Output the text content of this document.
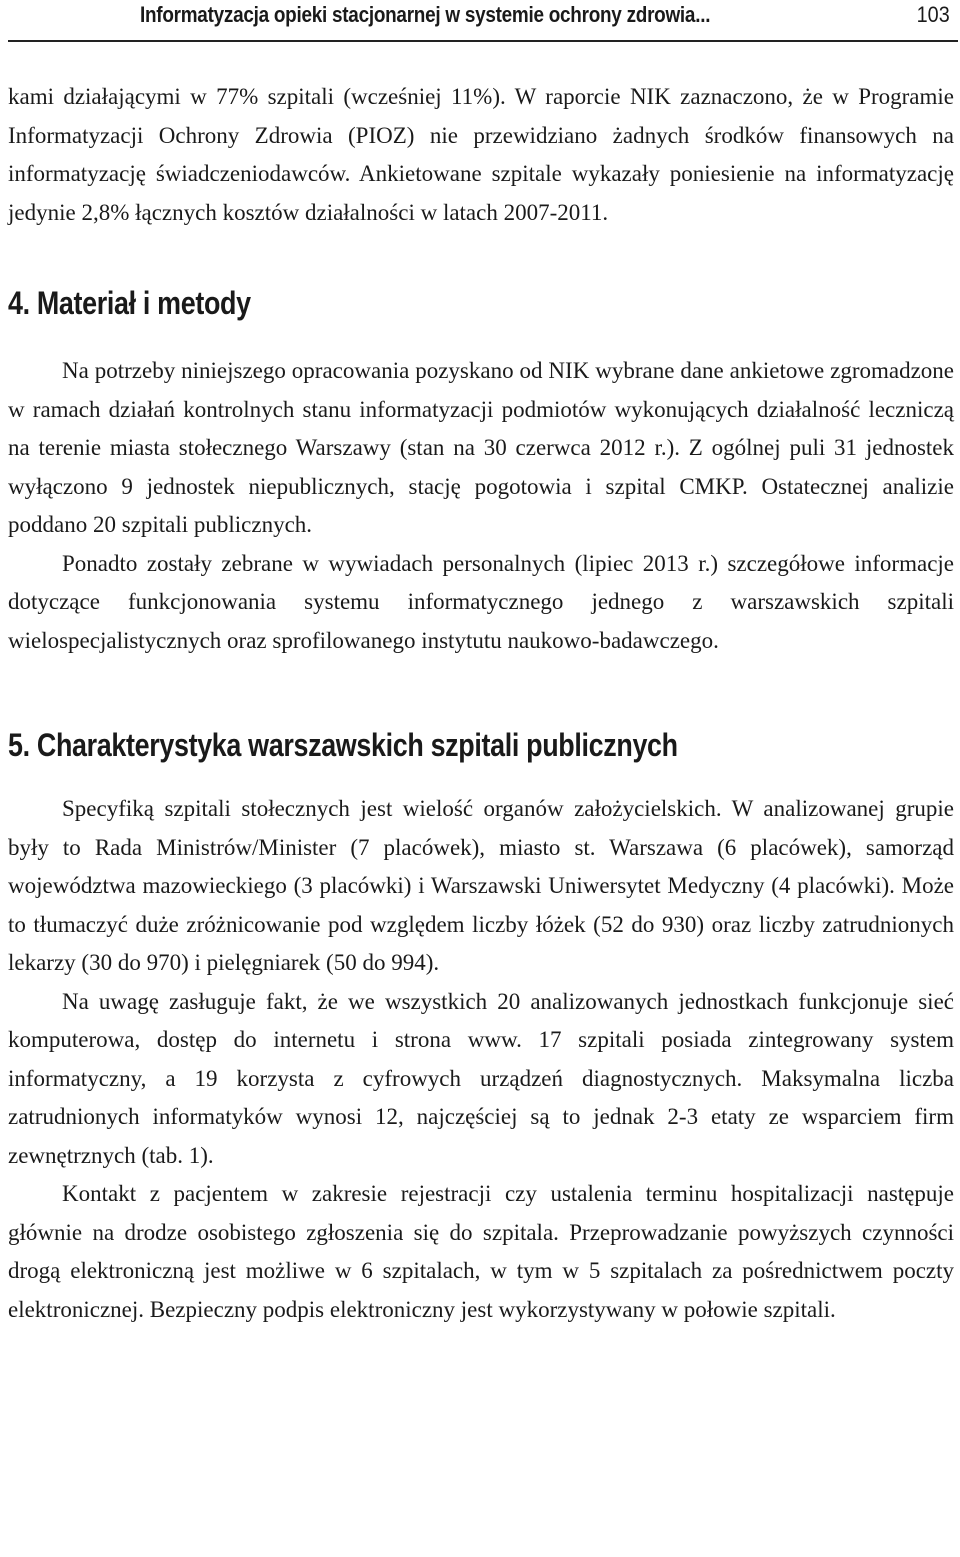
Informatyzacja opieki stacjonarnej w systemie ochrony zdrowia...	103

kami działającymi w 77% szpitali (wcześniej 11%). W raporcie NIK zaznaczono, że w Programie Informatyzacji Ochrony Zdrowia (PIOZ) nie przewidziano żadnych środków finansowych na informatyzację świadczeniodawców. Ankietowane szpitale wykazały poniesienie na informatyzację jedynie 2,8% łącznych kosztów działalności w latach 2007-2011.

4. Materiał i metody

Na potrzeby niniejszego opracowania pozyskano od NIK wybrane dane ankietowe zgromadzone w ramach działań kontrolnych stanu informatyzacji podmiotów wykonujących działalność leczniczą na terenie miasta stołecznego Warszawy (stan na 30 czerwca 2012 r.). Z ogólnej puli 31 jednostek wyłączono 9 jednostek niepublicznych, stację pogotowia i szpital CMKP. Ostatecznej analizie poddano 20 szpitali publicznych.

Ponadto zostały zebrane w wywiadach personalnych (lipiec 2013 r.) szczegółowe informacje dotyczące funkcjonowania systemu informatycznego jednego z warszawskich szpitali wielospecjalistycznych oraz sprofilowanego instytutu naukowo-badawczego.

5. Charakterystyka warszawskich szpitali publicznych

Specyfiką szpitali stołecznych jest wielość organów założycielskich. W analizowanej grupie były to Rada Ministrów/Minister (7 placówek), miasto st. Warszawa (6 placówek), samorząd województwa mazowieckiego (3 placówki) i Warszawski Uniwersytet Medyczny (4 placówki). Może to tłumaczyć duże zróżnicowanie pod względem liczby łóżek (52 do 930) oraz liczby zatrudnionych lekarzy (30 do 970) i pielęgniarek (50 do 994).

Na uwagę zasługuje fakt, że we wszystkich 20 analizowanych jednostkach funkcjonuje sieć komputerowa, dostęp do internetu i strona www. 17 szpitali posiada zintegrowany system informatyczny, a 19 korzysta z cyfrowych urządzeń diagnostycznych. Maksymalna liczba zatrudnionych informatyków wynosi 12, najczęściej są to jednak 2-3 etaty ze wsparciem firm zewnętrznych (tab. 1).

Kontakt z pacjentem w zakresie rejestracji czy ustalenia terminu hospitalizacji następuje głównie na drodze osobistego zgłoszenia się do szpitala. Przeprowadzanie powyższych czynności drogą elektroniczną jest możliwe w 6 szpitalach, w tym w 5 szpitalach za pośrednictwem poczty elektronicznej. Bezpieczny podpis elektroniczny jest wykorzystywany w połowie szpitali.
